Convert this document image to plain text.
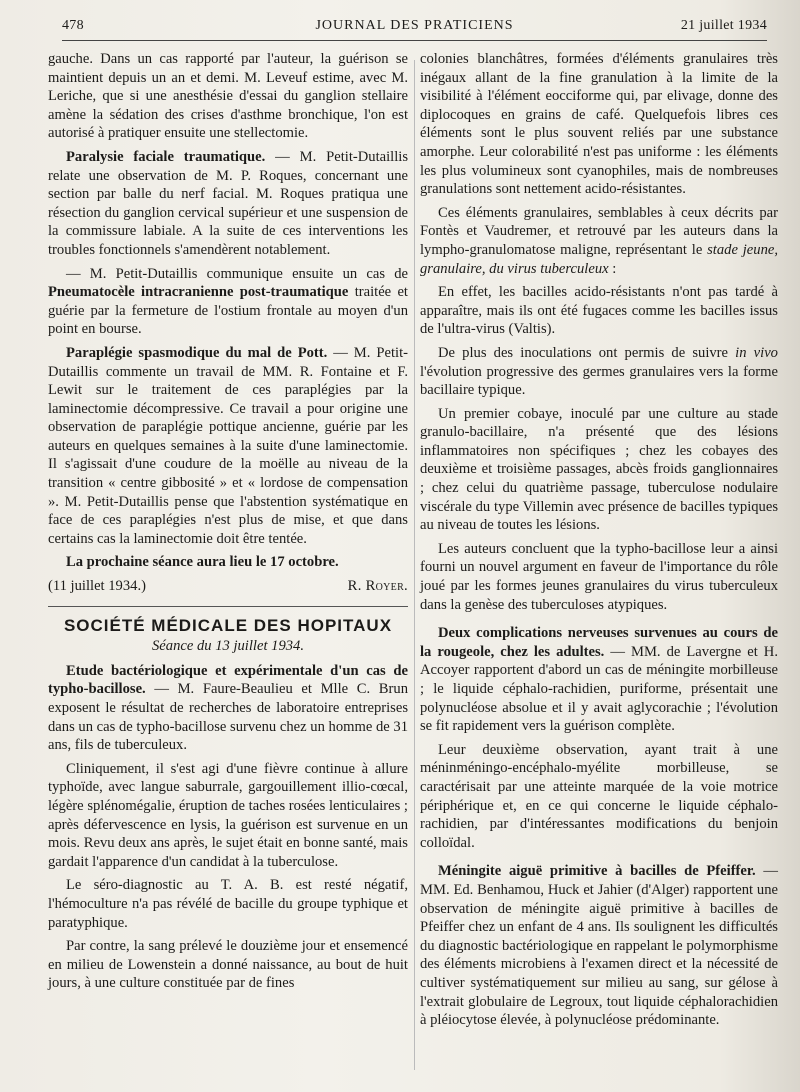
478	JOURNAL DES PRATICIENS	21 juillet 1934

gauche. Dans un cas rapporté par l'auteur, la guérison se maintient depuis un an et demi. M. Leveuf estime, avec M. Leriche, que si une anesthésie d'essai du ganglion stellaire amène la sédation des crises d'asthme bronchique, l'on est autorisé à pratiquer ensuite une stellectomie.

Paralysie faciale traumatique. — M. Petit-Dutaillis relate une observation de M. P. Roques, concernant une section par balle du nerf facial. M. Roques pratiqua une résection du ganglion cervical supérieur et une suspension de la commissure labiale. A la suite de ces interventions les troubles fonctionnels s'amendèrent notablement.

— M. Petit-Dutaillis communique ensuite un cas de Pneumatocèle intracranienne post-traumatique traitée et guérie par la fermeture de l'ostium frontale au moyen d'un point en bourse.

Paraplégie spasmodique du mal de Pott. — M. Petit-Dutaillis commente un travail de MM. R. Fontaine et F. Lewit sur le traitement de ces paraplégies par la laminectomie décompressive. Ce travail a pour origine une observation de paraplégie pottique ancienne, guérie par les auteurs en quelques semaines à la suite d'une laminectomie. Il s'agissait d'une coudure de la moëlle au niveau de la transition « centre gibbosité » et « lordose de compensation ». M. Petit-Dutaillis pense que l'abstention systématique en face de ces paraplégies n'est plus de mise, et que dans certains cas la laminectomie doit être tentée.

La prochaine séance aura lieu le 17 octobre.

(11 juillet 1934.)	R. Royer.
SOCIÉTÉ MÉDICALE DES HOPITAUX
Séance du 13 juillet 1934.

Etude bactériologique et expérimentale d'un cas de typho-bacillose. — M. Faure-Beaulieu et Mlle C. Brun exposent le résultat de recherches de laboratoire entreprises dans un cas de typho-bacillose survenu chez un homme de 31 ans, fils de tuberculeux.

Cliniquement, il s'est agi d'une fièvre continue à allure typhoïde, avec langue saburrale, gargouillement illio-cœcal, légère splénomégalie, éruption de taches rosées lenticulaires ; après défervescence en lysis, la guérison est survenue en un mois. Revu deux ans après, le sujet était en bonne santé, mais gardait l'apparence d'un candidat à la tuberculose.

Le séro-diagnostic au T. A. B. est resté négatif, l'hémoculture n'a pas révélé de bacille du groupe typhique et paratyphique.

Par contre, la sang prélevé le douzième jour et ensemencé en milieu de Lowenstein a donné naissance, au bout de huit jours, à une culture constituée par de fines

colonies blanchâtres, formées d'éléments granulaires très inégaux allant de la fine granulation à la limite de la visibilité à l'élément eocciforme qui, par elivage, donne des diplocoques en grains de café. Quelquefois libres ces éléments sont le plus souvent reliés par une substance amorphe. Leur colorabilité n'est pas uniforme : les éléments les plus volumineux sont cyanophiles, mais de nombreuses granulations sont nettement acido-résistantes.

Ces éléments granulaires, semblables à ceux décrits par Fontès et Vaudremer, et retrouvé par les auteurs dans la lympho-granulomatose maligne, représentant le stade jeune, granulaire, du virus tuberculeux :

En effet, les bacilles acido-résistants n'ont pas tardé à apparaître, mais ils ont été fugaces comme les bacilles issus de l'ultra-virus (Valtis).

De plus des inoculations ont permis de suivre in vivo l'évolution progressive des germes granulaires vers la forme bacillaire typique.

Un premier cobaye, inoculé par une culture au stade granulo-bacillaire, n'a présenté que des lésions inflammatoires non spécifiques ; chez les cobayes des deuxième et troisième passages, abcès froids ganglionnaires ; chez celui du quatrième passage, tuberculose nodulaire viscérale du type Villemin avec présence de bacilles typiques au niveau de toutes les lésions.

Les auteurs concluent que la typho-bacillose leur a ainsi fourni un nouvel argument en faveur de l'importance du rôle joué par les formes jeunes granulaires du virus tuberculeux dans la genèse des tuberculoses atypiques.

Deux complications nerveuses survenues au cours de la rougeole, chez les adultes. — MM. de Lavergne et H. Accoyer rapportent d'abord un cas de méningite morbilleuse ; le liquide céphalo-rachidien, puriforme, présentait une polynucléose absolue et il y avait aglycorachie ; l'évolution se fit rapidement vers la guérison complète.

Leur deuxième observation, ayant trait à une méninméningo-encéphalo-myélite morbilleuse, se caractérisait par une atteinte marquée de la voie motrice périphérique et, en ce qui concerne le liquide céphalo-rachidien, par d'intéressantes modifications du benjoin colloïdal.

Méningite aiguë primitive à bacilles de Pfeiffer. — MM. Ed. Benhamou, Huck et Jahier (d'Alger) rapportent une observation de méningite aiguë primitive à bacilles de Pfeiffer chez un enfant de 4 ans. Ils soulignent les difficultés du diagnostic bactériologique en rappelant le polymorphisme des éléments microbiens à l'examen direct et la nécessité de cultiver systématiquement sur milieu au sang, sur gélose à l'extrait globulaire de Legroux, tout liquide céphalorachidien à pléiocytose élevée, à polynucléose prédominante.
